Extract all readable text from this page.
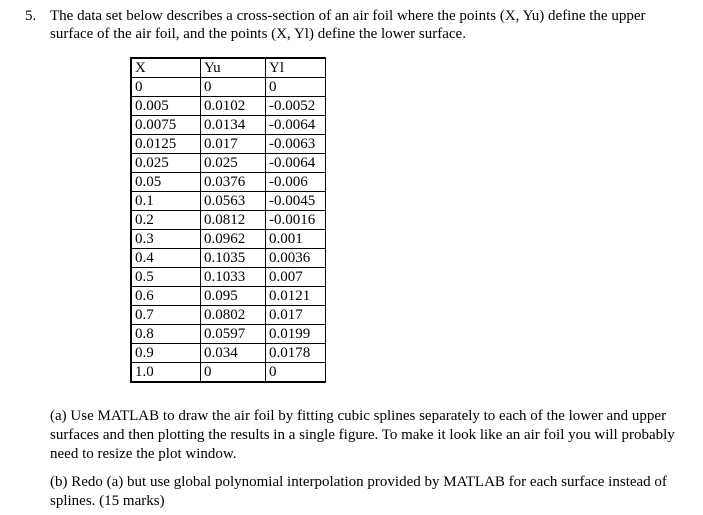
5. The data set below describes a cross-section of an air foil where the points (X, Yu) define the upper surface of the air foil, and the points (X, Yl) define the lower surface.

X	Yu	Yl
0	0	0
0.005	0.0102	-0.0052
0.0075	0.0134	-0.0064
0.0125	0.017	-0.0063
0.025	0.025	-0.0064
0.05	0.0376	-0.006
0.1	0.0563	-0.0045
0.2	0.0812	-0.0016
0.3	0.0962	0.001
0.4	0.1035	0.0036
0.5	0.1033	0.007
0.6	0.095	0.0121
0.7	0.0802	0.017
0.8	0.0597	0.0199
0.9	0.034	0.0178
1.0	0	0

(a) Use MATLAB to draw the air foil by fitting cubic splines separately to each of the lower and upper surfaces and then plotting the results in a single figure. To make it look like an air foil you will probably need to resize the plot window.

(b) Redo (a) but use global polynomial interpolation provided by MATLAB for each surface instead of splines. (15 marks)
